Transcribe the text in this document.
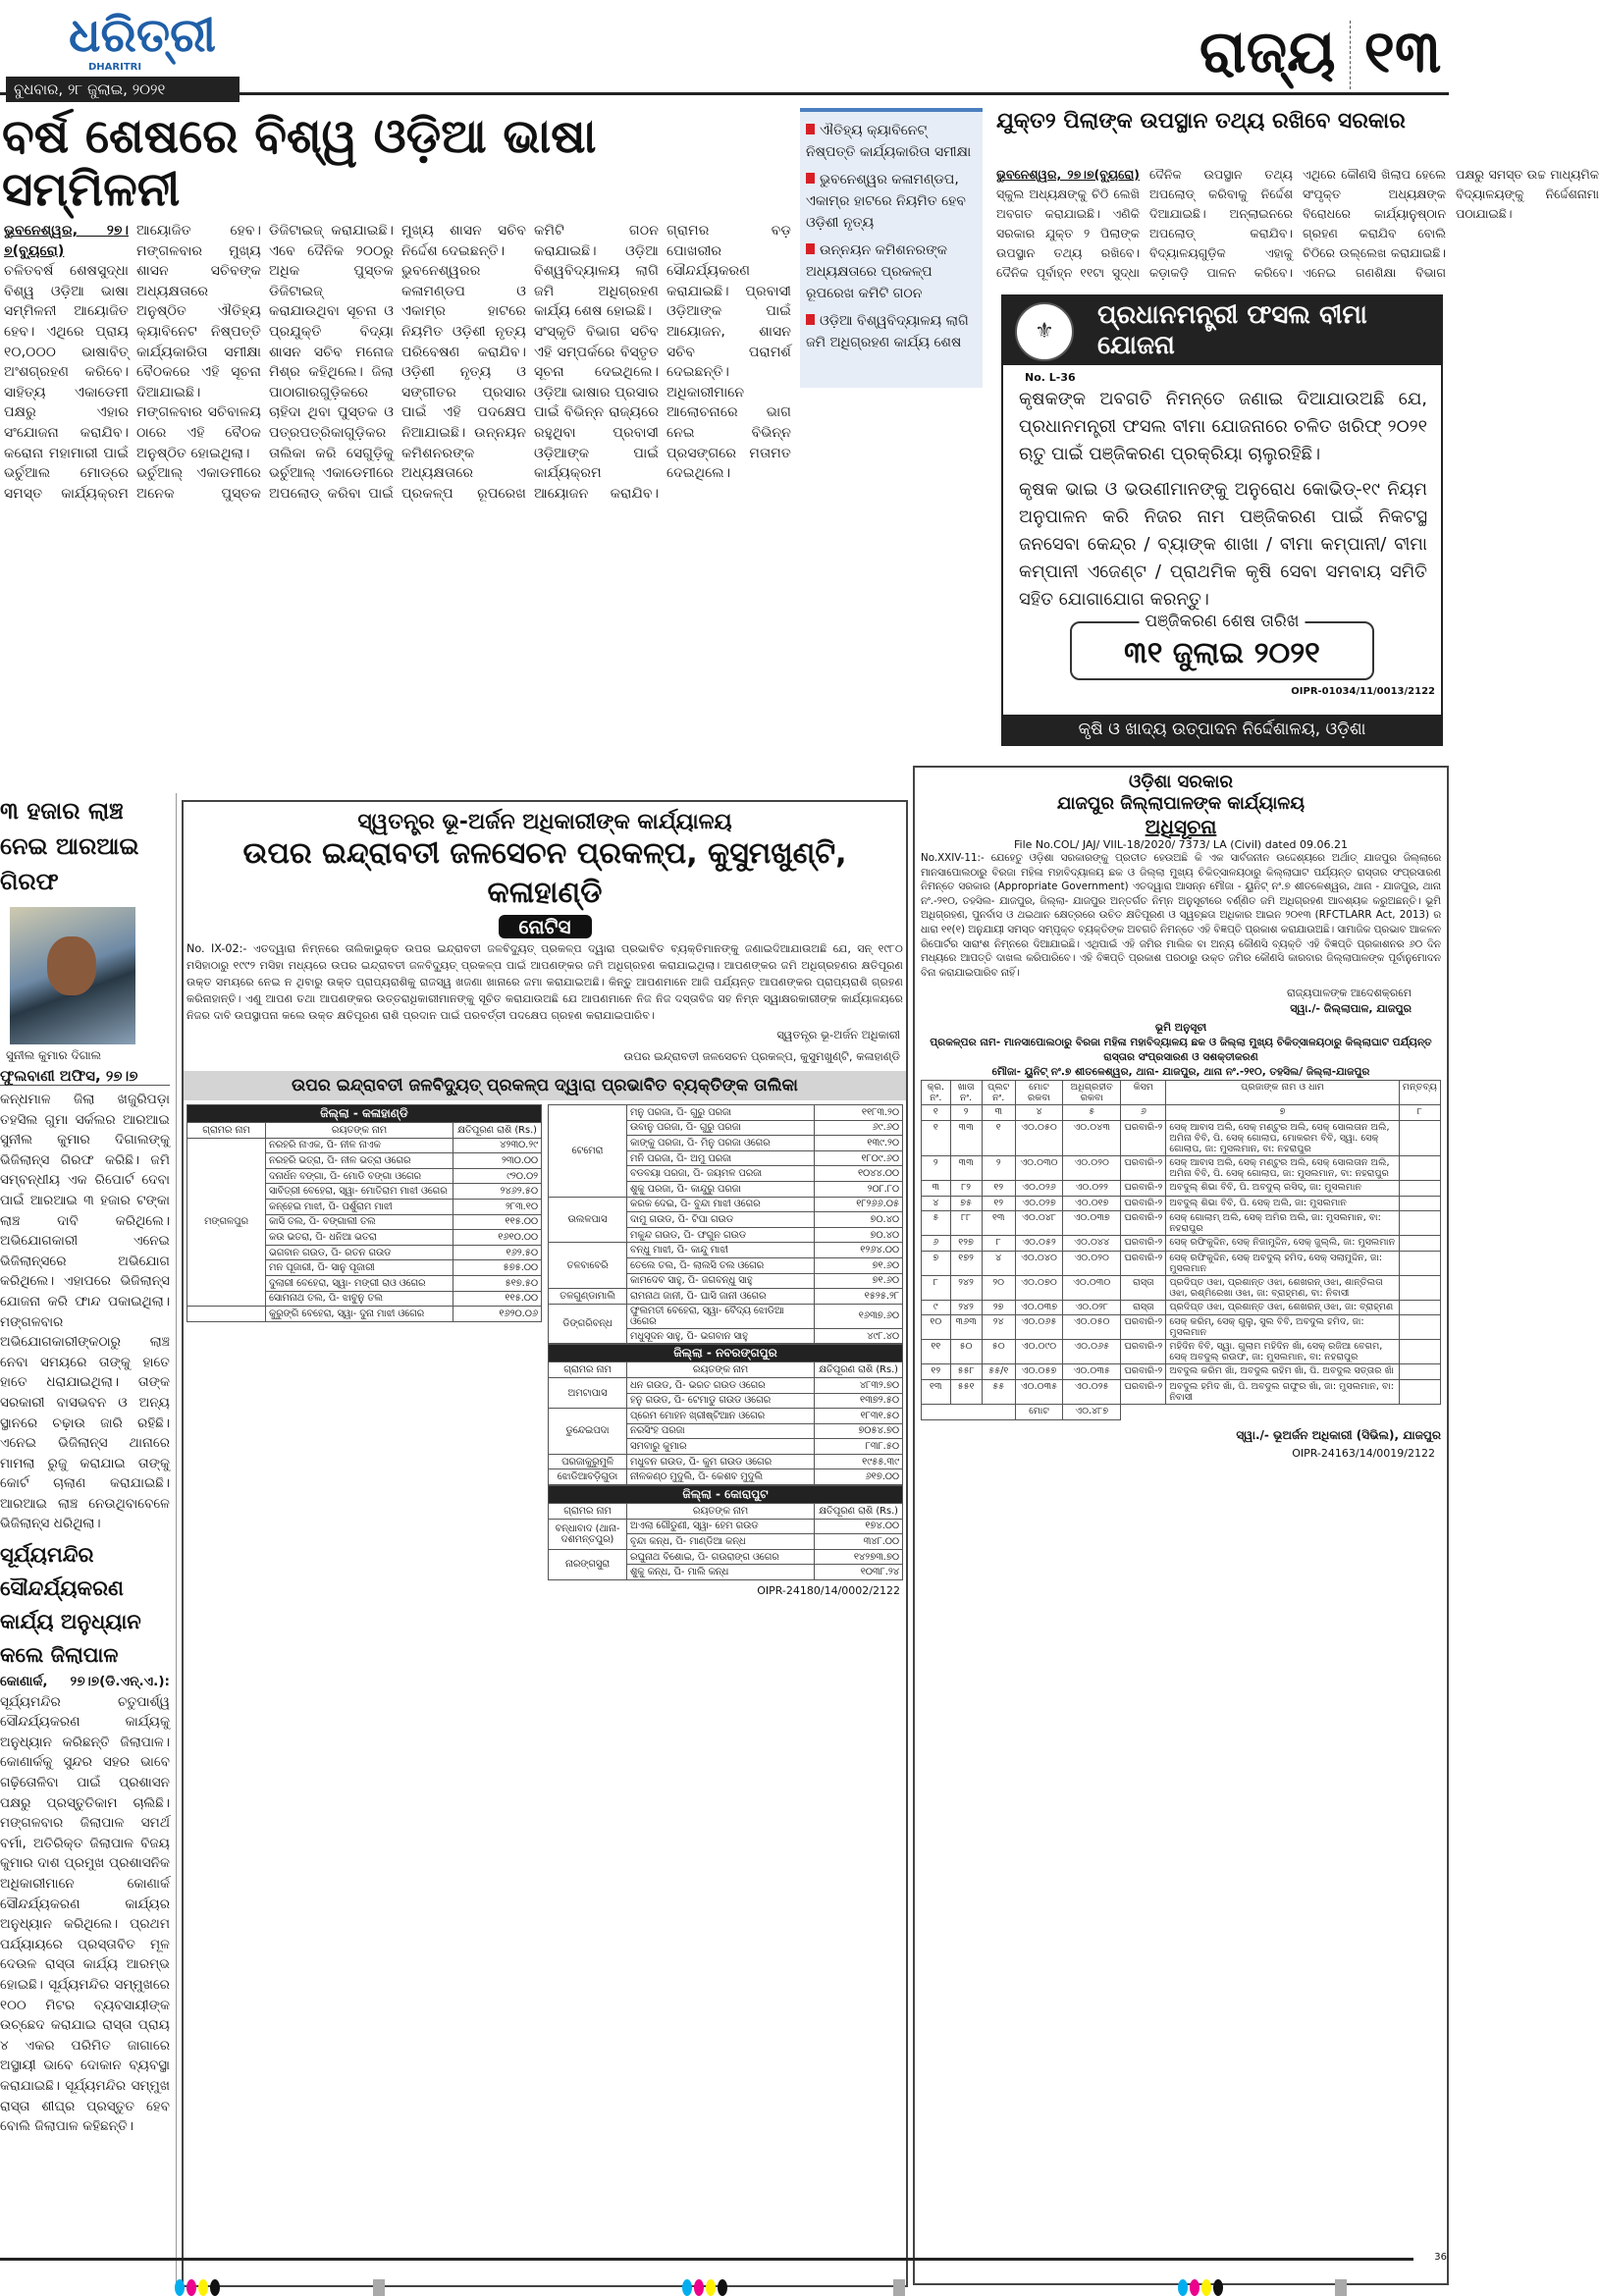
ଧରିତ୍ରୀ
DHARITRI
ବୁଧବାର, ୨୮ ଜୁଲାଇ, ୨୦୨୧
ରାଜ୍ୟ ୧୩
ବର୍ଷ ଶେଷରେ ବିଶ୍ୱ ଓଡ଼ିଆ ଭାଷା ସମ୍ମିଳନୀ
ଐତିହ୍ୟ କ୍ୟାବିନେଟ୍ ନିଷ୍ପତ୍ତି କାର୍ଯ୍ୟକାରିତା ସମୀକ୍ଷା
ଭୁବନେଶ୍ୱର କଳାମଣ୍ଡପ, ଏକାମ୍ର ହାଟରେ ନିୟମିତ ହେବ ଓଡ଼ିଶୀ ନୃତ୍ୟ
ଉନ୍ନୟନ କମିଶନରଙ୍କ ଅଧ୍ୟକ୍ଷତାରେ ପ୍ରକଳ୍ପ ରୂପରେଖ କମିଟି ଗଠନ
ଓଡ଼ିଆ ବିଶ୍ୱବିଦ୍ୟାଳୟ ଲାଗି ଜମି ଅଧିଗ୍ରହଣ କାର୍ଯ୍ୟ ଶେଷ
ଭୁବନେଶ୍ୱର, ୨୭।୭(ବ୍ୟୁରୋ)

ଚଳିତବର୍ଷ ଶେଷସୁଦ୍ଧା ବିଶ୍ୱ ଓଡ଼ିଆ ଭାଷା ସମ୍ମିଳନୀ ଆୟୋଜିତ ହେବ। ଏଥିରେ ପ୍ରାୟ ୧୦,୦୦୦ ଭାଷାବିତ୍ ଅଂଶଗ୍ରହଣ କରିବେ। ସାହିତ୍ୟ ଏକାଡେମୀ ପକ୍ଷରୁ ଏହାର ସଂଯୋଜନା କରାଯିବ। କରୋନା ମହାମାରୀ ପାଇଁ ଭର୍ଚୁଆଲ ମୋଡ୍‌ରେ ସମସ୍ତ କାର୍ଯ୍ୟକ୍ରମ ଆୟୋଜିତ ହେବ। ମଙ୍ଗଳବାର ମୁଖ୍ୟ ଶାସନ ସଚିବଙ୍କ ଅଧ୍ୟକ୍ଷତାରେ ଅନୁଷ୍ଠିତ ଐତିହ୍ୟ କ୍ୟାବିନେଟ ନିଷ୍ପତ୍ତି କାର୍ଯ୍ୟକାରିତା ସମୀକ୍ଷା ବୈଠକରେ ଏହି ସୂଚନା ଦିଆଯାଇଛି। ମଙ୍ଗଳବାର ସଚିବାଳୟ ଠାରେ ଏହି ବୈଠକ ଅନୁଷ୍ଠିତ ହୋଇଥିଲା।

ଭର୍ଚୁଆଲ୍ ଏକାଡମୀରେ ଅନେକ ପୁସ୍ତକ ଡିଜିଟାଇଜ୍ କରାଯାଇଛି। ଏବେ ଦୈନିକ ୨୦୦ରୁ ଅଧିକ ପୁସ୍ତକ ଡିଜିଟାଇଜ୍ କରାଯାଉଥିବା ସୂଚନା ଓ ପ୍ରଯୁକ୍ତି ବିଦ୍ୟା ଶାସନ ସଚିବ ମନୋଜ ମିଶ୍ର କହିଥିଲେ। ଜିଲା ପାଠାଗାରଗୁଡ଼ିକରେ ଚାହିଦା ଥିବା ପୁସ୍ତକ ଓ ପତ୍ରପତ୍ରିକାଗୁଡ଼ିକର ତାଲିକା କରି ସେଗୁଡ଼ିକୁ ଭର୍ଚୁଆଲ୍ ଏକାଡେମୀରେ ଅପଲୋଡ୍ କରିବା ପାଇଁ ମୁଖ୍ୟ ଶାସନ ସଚିବ ନିର୍ଦ୍ଦେଶ ଦେଇଛନ୍ତି।

ଭୁବନେଶ୍ୱରର କଳାମଣ୍ଡପ ଓ ଏକାମ୍ର ହାଟରେ ନିୟମିତ ଓଡ଼ିଶୀ ନୃତ୍ୟ ପରିବେଷଣ କରାଯିବ। ଓଡ଼ିଶୀ ନୃତ୍ୟ ଓ ସଙ୍ଗୀତର ପ୍ରସାର ପାଇଁ ଏହି ପଦକ୍ଷେପ ନିଆଯାଇଛି। ଉନ୍ନୟନ କମିଶନରଙ୍କ ଅଧ୍ୟକ୍ଷତାରେ ପ୍ରକଳ୍ପ ରୂପରେଖ କମିଟି ଗଠନ କରାଯାଇଛି। ଓଡ଼ିଆ ବିଶ୍ୱବିଦ୍ୟାଳୟ ଲାଗି ଜମି ଅଧିଗ୍ରହଣ କାର୍ଯ୍ୟ ଶେଷ ହୋଇଛି।

ସଂସ୍କୃତି ବିଭାଗ ସଚିବ ଏହି ସମ୍ପର୍କରେ ବିସ୍ତୃତ ସୂଚନା ଦେଇଥିଲେ। ଓଡ଼ିଆ ଭାଷାର ପ୍ରସାର ପାଇଁ ବିଭିନ୍ନ ରାଜ୍ୟରେ ରହୁଥିବା ପ୍ରବାସୀ ଓଡ଼ିଆଙ୍କ ପାଇଁ କାର୍ଯ୍ୟକ୍ରମ ଆୟୋଜନ କରାଯିବ। ଗ୍ରାମର ବଡ଼ ପୋଖରୀର ସୌନ୍ଦର୍ଯ୍ୟକରଣ କରାଯାଇଛି। ପ୍ରବାସୀ ଓଡ଼ିଆଙ୍କ ପାଇଁ ଆୟୋଜନ, ଶାସନ ସଚିବ ପରାମର୍ଶ ଦେଇଛନ୍ତି। ଅଧିକାରୀମାନେ ଆଲୋଚନାରେ ଭାଗ ନେଇ ବିଭିନ୍ନ ପ୍ରସଙ୍ଗରେ ମତାମତ ଦେଇଥିଲେ।

ଯୁକ୍ତ୨ ପିଲାଙ୍କ ଉପସ୍ଥାନ ତଥ୍ୟ ରଖିବେ ସରକାର
ଭୁବନେଶ୍ୱର, ୨୭।୭(ବ୍ୟୁରୋ) ସ୍କୁଲ ଅଧ୍ୟକ୍ଷଙ୍କୁ ଚିଠି ଲେଖି ଅବଗତ କରାଯାଇଛି। ଏଣିକି ସରକାର ଯୁକ୍ତ ୨ ପିଲାଙ୍କ ଉପସ୍ଥାନ ତଥ୍ୟ ରଖିବେ। ଦୈନିକ ପୂର୍ବାହ୍ନ ୧୧ଟା ସୁଦ୍ଧା ଦୈନିକ ଉପସ୍ଥାନ ତଥ୍ୟ ଅପଲୋଡ୍ କରିବାକୁ ନିର୍ଦ୍ଦେଶ ଦିଆଯାଇଛି। ଅନ୍‌ଲାଇନରେ ଅପଲୋଡ୍ କରାଯିବ। ବିଦ୍ୟାଳୟଗୁଡ଼ିକ ଏହାକୁ କଡ଼ାକଡ଼ି ପାଳନ କରିବେ। ଏଥିରେ କୌଣସି ଖିଲାପ ହେଲେ ସଂପୃକ୍ତ ଅଧ୍ୟକ୍ଷଙ୍କ ବିରୋଧରେ କାର୍ଯ୍ୟାନୁଷ୍ଠାନ ଗ୍ରହଣ କରାଯିବ ବୋଲି ଚିଠିରେ ଉଲ୍ଲେଖ କରାଯାଇଛି। ଏନେଇ ଗଣଶିକ୍ଷା ବିଭାଗ ପକ୍ଷରୁ ସମସ୍ତ ଉଚ୍ଚ ମାଧ୍ୟମିକ ବିଦ୍ୟାଳୟଙ୍କୁ ନିର୍ଦ୍ଦେଶନାମା ପଠାଯାଇଛି।
⚜
ପ୍ରଧାନମନ୍ତ୍ରୀ ଫସଲ ବୀମା ଯୋଜନା
No. L-36

କୃଷକଙ୍କ ଅବଗତି ନିମନ୍ତେ ଜଣାଇ ଦିଆଯାଉଅଛି ଯେ, ପ୍ରଧାନମନ୍ତ୍ରୀ ଫସଲ ବୀମା ଯୋଜନାରେ ଚଳିତ ଖରିଫ୍ ୨୦୨୧ ଋତୁ ପାଇଁ ପଞ୍ଜିକରଣ ପ୍ରକ୍ରିୟା ଚାଲୁରହିଛି।

କୃଷକ ଭାଇ ଓ ଭଉଣୀମାନଙ୍କୁ ଅନୁରୋଧ କୋଭିଡ୍-୧୯ ନିୟମ ଅନୁପାଳନ କରି ନିଜର ନାମ ପଞ୍ଜିକରଣ ପାଇଁ ନିକଟସ୍ଥ ଜନସେବା କେନ୍ଦ୍ର / ବ୍ୟାଙ୍କ ଶାଖା / ବୀମା କମ୍ପାନୀ/ ବୀମା କମ୍ପାନୀ ଏଜେଣ୍ଟ / ପ୍ରାଥମିକ କୃଷି ସେବା ସମବାୟ ସମିତି ସହିତ ଯୋଗାଯୋଗ କରନ୍ତୁ।

ପଞ୍ଜିକରଣ ଶେଷ ତାରିଖ
୩୧ ଜୁଲାଇ ୨୦୨୧
OIPR-01034/11/0013/2122
କୃଷି ଓ ଖାଦ୍ୟ ଉତ୍ପାଦନ ନିର୍ଦ୍ଦେଶାଳୟ, ଓଡ଼ିଶା
୩ ହଜାର ଲାଞ୍ଚ ନେଇ ଆରଆଇ ଗିରଫ
ସୁନୀଲ କୁମାର ଦିଗାଲ
ଫୁଲବାଣୀ ଅଫିସ, ୨୭।୭
କନ୍ଧମାଳ ଜିଲା ଖଜୁରିପଡ଼ା ତହସିଲ ଗୁମା ସର୍କଲର ଆରଆଇ ସୁନୀଲ କୁମାର ଦିଗାଲଙ୍କୁ ଭିଜିଲାନ୍ସ ଗିରଫ କରିଛି। ଜମି ସମ୍ବନ୍ଧୀୟ ଏକ ରିପୋର୍ଟ ଦେବା ପାଇଁ ଆରଆଇ ୩ ହଜାର ଟଙ୍କା ଲାଞ୍ଚ ଦାବି କରିଥିଲେ। ଅଭିଯୋଗକାରୀ ଏନେଇ ଭିଜିଲାନ୍ସରେ ଅଭିଯୋଗ କରିଥିଲେ। ଏହାପରେ ଭିଜିଲାନ୍ସ ଯୋଜନା କରି ଫାନ୍ଦ ପକାଇଥିଲା। ମଙ୍ଗଳବାର ଅଭିଯୋଗକାରୀଙ୍କଠାରୁ ଲାଞ୍ଚ ନେବା ସମୟରେ ତାଙ୍କୁ ହାତେ ହାତେ ଧରାଯାଇଥିଲା। ତାଙ୍କ ସରକାରୀ ବାସଭବନ ଓ ଅନ୍ୟ ସ୍ଥାନରେ ଚଢ଼ାଉ ଜାରି ରହିଛି। ଏନେଇ ଭିଜିଲାନ୍ସ ଥାନାରେ ମାମଲା ରୁଜୁ କରାଯାଇ ତାଙ୍କୁ କୋର୍ଟ ଚାଲାଣ କରାଯାଇଛି। ଆରଆଇ ଲାଞ୍ଚ ନେଉଥିବାବେଳେ ଭିଜିଲାନ୍ସ ଧରିଥିଲା।
ସୂର୍ଯ୍ୟମନ୍ଦିର ସୌନ୍ଦର୍ଯ୍ୟକରଣ କାର୍ଯ୍ୟ ଅନୁଧ୍ୟାନ କଲେ ଜିଲାପାଳ
କୋଣାର୍କ, ୨୭।୭(ଡି.ଏନ୍.ଏ.): ସୂର୍ଯ୍ୟମନ୍ଦିର ଚତୁପାର୍ଶ୍ୱ ସୌନ୍ଦର୍ଯ୍ୟକରଣ କାର୍ଯ୍ୟକୁ ଅନୁଧ୍ୟାନ କରିଛନ୍ତି ଜିଲାପାଳ। କୋଣାର୍କକୁ ସୁନ୍ଦର ସହର ଭାବେ ଗଢ଼ିତୋଳିବା ପାଇଁ ପ୍ରଶାସନ ପକ୍ଷରୁ ପ୍ରସ୍ତୁତିକାମ ଚାଲିଛି। ମଙ୍ଗଳବାର ଜିଲାପାଳ ସମର୍ଥ ବର୍ମା, ଅତିରିକ୍ତ ଜିଲାପାଳ ବିଜୟ କୁମାର ଦାଶ ପ୍ରମୁଖ ପ୍ରଶାସନିକ ଅଧିକାରୀମାନେ କୋଣାର୍କ ସୌନ୍ଦର୍ଯ୍ୟକରଣ କାର୍ଯ୍ୟର ଅନୁଧ୍ୟାନ କରିଥିଲେ। ପ୍ରଥମ ପର୍ଯ୍ୟାୟରେ ପ୍ରସ୍ତାବିତ ମୂଳ ଦେଉଳ ରାସ୍ତା କାର୍ଯ୍ୟ ଆରମ୍ଭ ହୋଇଛି। ସୂର୍ଯ୍ୟମନ୍ଦିର ସମ୍ମୁଖରେ ୧୦୦ ମିଟର ବ୍ୟବସାୟୀଙ୍କ ଉଚ୍ଛେଦ କରାଯାଇ ରାସ୍ତା ପ୍ରାୟ ୪ ଏକର ପରିମିତ ଜାଗାରେ ଅସ୍ଥାୟୀ ଭାବେ ଦୋକାନ ବ୍ୟବସ୍ଥା କରାଯାଇଛି। ସୂର୍ଯ୍ୟମନ୍ଦିର ସମ୍ମୁଖ ରାସ୍ତା ଶୀଘ୍ର ପ୍ରସ୍ତୁତ ହେବ ବୋଲି ଜିଲାପାଳ କହିଛନ୍ତି।
ସ୍ୱତନ୍ତ୍ର ଭୂ-ଅର୍ଜନ ଅଧିକାରୀଙ୍କ କାର୍ଯ୍ୟାଳୟ
ଉପର ଇନ୍ଦ୍ରାବତୀ ଜଳସେଚନ ପ୍ରକଳ୍ପ, କୁସୁମଖୁଣ୍ଟି, କଳାହାଣ୍ଡି
ନୋଟିସ
No. IX-02:- ଏତଦ୍ୱାରା ନିମ୍ନରେ ତାଲିକାଭୁକ୍ତ ଉପର ଇନ୍ଦ୍ରାବତୀ ଜଳବିଦ୍ୟୁତ୍ ପ୍ରକଳ୍ପ ଦ୍ୱାରା ପ୍ରଭାବିତ ବ୍ୟକ୍ତିମାନଙ୍କୁ ଜଣାଇଦିଆଯାଉଅଛି ଯେ, ସନ୍ ୧୯୮୦ ମସିହାଠାରୁ ୧୯୯୨ ମସିହା ମଧ୍ୟରେ ଉପର ଇନ୍ଦ୍ରାବତୀ ଜଳବିଦ୍ୟୁତ୍ ପ୍ରକଳ୍ପ ପାଇଁ ଆପଣଙ୍କର ଜମି ଅଧିଗ୍ରହଣ କରାଯାଇଥିଲା। ଆପଣଙ୍କର ଜମି ଅଧିଗ୍ରହଣର କ୍ଷତିପୂରଣ ଉକ୍ତ ସମୟରେ ନେଇ ନ ଥିବାରୁ ଉକ୍ତ ପ୍ରାପ୍ୟରାଶିକୁ ରାଜସ୍ୱ ଖଜଣା ଖାନାରେ ଜମା କରାଯାଇଅଛି। କିନ୍ତୁ ଆପଣମାନେ ଆଜି ପର୍ଯ୍ୟନ୍ତ ଆପଣଙ୍କର ପ୍ରାପ୍ୟରାଶି ଗ୍ରହଣ କରିନାହାନ୍ତି। ଏଣୁ ଆପଣ ତଥା ଆପଣଙ୍କର ଉତ୍ତରାଧିକାରୀମାନଙ୍କୁ ସୂଚିତ କରାଯାଉଅଛି ଯେ ଆପଣମାନେ ନିଜ ନିଜ ଦସ୍ତାବିଜ ସହ ନିମ୍ନ ସ୍ୱାକ୍ଷରକାରୀଙ୍କ କାର୍ଯ୍ୟାଳୟରେ ନିଜର ଦାବି ଉପସ୍ଥାପନା କଲେ ଉକ୍ତ କ୍ଷତିପୂରଣ ରାଶି ପ୍ରଦାନ ପାଇଁ ପରବର୍ତ୍ତୀ ପଦକ୍ଷେପ ଗ୍ରହଣ କରାଯାଇପାରିବ।
ସ୍ୱତନ୍ତ୍ର ଭୂ-ଅର୍ଜନ ଅଧିକାରୀ
ଉପର ଇନ୍ଦ୍ରାବତୀ ଜଳସେଚନ ପ୍ରକଳ୍ପ, କୁସୁମଖୁଣ୍ଟି, କଳାହାଣ୍ଡି
ଉପର ଇନ୍ଦ୍ରାବତୀ ଜଳବିଦ୍ୟୁତ୍ ପ୍ରକଳ୍ପ ଦ୍ୱାରା ପ୍ରଭାବିତ ବ୍ୟକ୍ତିଙ୍କ ତାଲିକା
ଜିଲ୍ଲା - କଳାହାଣ୍ଡି		
ଗ୍ରାମର ନାମ	ରୟତଙ୍କ ନାମ	କ୍ଷତିପୂରଣ ରାଶି (Rs.)
ମଙ୍ଗଳପୁର	ନରହରି ନାଏକ, ପି- ନୀଳ ନାଏକ	୪୨୩୦.୨୯
	ନରହରି ଭତ୍ରା, ପି- ନୀଳ ଭତ୍ରା ଓଗେର	୨୩୦.୦୦
	ଦନାର୍ଧନ ବଙ୍ଗା, ପି- ମୋଡି ବଙ୍ଗା ଓଗେର	୯୨୦.୦୨
	ସାବିତ୍ରୀ ବେହେରା, ସ୍ୱା- ମୋତିରାମ ମାଝୀ ଓଗେର	୨୪୬୨.୫୦
	କନ୍ହେଇ ମାଝୀ, ପି- ପର୍ଶୁରାମ ମାଝୀ	୨୮୩.୧୦
	କାସି ତଲ, ପି- ବଙ୍ଗାଲୀ ତଲ	୧୧୫.୦୦
	କଉ ଭତରା, ପି- ଧନିଆ ଭତରା	୧୬୧୦.୦୦
	ଭଗବାନ ଗଉଡ, ପି- ରତନ ଗଉଡ	୧୬୨.୫୦
	ମନ ପୂଜାରୀ, ପି- ସାନୁ ପୂଜାରୀ	୫୭୫.୦୦
	ଦୁଲାରୀ ବେହେରା, ସ୍ୱା- ମଙ୍ଗୀ ରାଓ ଓଗେର	୫୧୭.୫୦
	ସୋମନାଥ ତଲ, ପି- ଝାବୁନୁ ତଲ	୧୧୫.୦୦
	କୁରୁଙ୍ଗି ବେହେରା, ସ୍ୱା- ଦୁନା ମାଝୀ ଓଗେର	୧୬୨୦.୦୬
ଟେମେରା	ମନୁ ପରଜା, ପି- ଗୁରୁ ପରଜା	୧୧୮୩.୨୦
	ଉବାନୁ ପରଜା, ପି- ଗୁରୁ ପରଜା	୬୯.୬୦
	କାଙ୍କୁ ପରଜା, ପି- ମିନୁ ପରଜା ଓଗେର	୧୩୯.୨୦
	ମନି ପରଜା, ପି- ଅମୁ ପରଜା	୧୮୦୯.୬୦
	ବଡବୟା ପରଜା, ପି- ଜୟମଳ ପରଜା	୧୦୪୪.୦୦
	ଶୁକୁ ପରଜା, ପି- କାନ୍ଦୁରୁ ପରଜା	୨୦୮.୮୦
ଉଲଳପାସ	କରକ ଦେଇ, ପି- ବୁନ୍ଦା ମାଝୀ ଓଗେର	୧୮୨୬୬.୦୫
	ଦାମୁ ଗଉଡ, ପି- ଟିପା ଗଉଡ	୭୦.୪୦
	ମକୁନ୍ଦ ଗଉଡ, ପି- ଫଗୁନ ଗଉଡ	୭୦.୪୦
ତଳବାବେରି	ବନ୍ଧୁ ମାଝୀ, ପି- କାନ୍ଦୁ ମାଝୀ	୧୨୬୪.୦୦
	ତେଲେ ତଲ, ପି- ଲାଲସି ତଲ ଓଗେର	୭୧.୬୦
	କାମଦେବ ସାହୁ, ପି- ଜଗବନ୍ଧୁ ସାହୁ	୭୧.୬୦
ତଳଗୁଣ୍ଡାମାଲି	ରାମନାଥ ଜାନୀ, ପି- ଘାସି ଜାନୀ ଓଗେର	୧୫୨୫.୨୮
ଡିଙ୍ଗରିବନ୍ଧ	ଫୁଲମତୀ ବେହେରା, ସ୍ୱା- ବୈଦ୍ୟ ଝୋଡିଆ ଓଗେର	୧୬୩୭.୬୦
	ମଧୁସୂଦନ ସାହୁ, ପି- ଭଗବାନ ସାହୁ	୪୯୮.୪୦
ଜିଲ୍ଲା - ନବରଙ୍ଗପୁର		
ଗ୍ରାମର ନାମ	ରୟତଙ୍କ ନାମ	କ୍ଷତିପୂରଣ ରାଶି (Rs.)
ଅମଟାପାସ	ଧନ ଗଉଡ, ପି- ଭରତ ଗଉଡ ଓଗେର	୪୮୩୨.୭୦
	ହନୁ ଗଉଡ, ପି- ଟେମାଡୁ ଗଉଡ ଓଗେର	୧୩୭୨.୫୦
ଡୁନ୍ଦେଇପଦା	ପ୍ରେମ ମୋହନ ଖ୍ରୀଷ୍ଟିଆନ ଓଗେର	୧୮୩୧.୫୦
	ନରସିଂହ ପରଜା	୭୦୫୪.୭୦
	ସମବାରୁ କୁମାର	୮୩୮.୫୦
ପରଜାକୁରୁମୁଳି	ମଧୁବନ ଗଉଡ, ପି- କୁମ ଗଉଡ ଓଗେର	୧୯୫୫.୩୯
ଝୋଡିଆବଡ଼ିଗୁଡା	ନୀଳକଣ୍ଠ ମୁଦୁଲି, ପି- କେଶବ ମୁଦୁଲି	୬୧୭.୦୦
ଜିଲ୍ଲା - କୋରାପୁଟ		
ଗ୍ରାମର ନାମ	ରୟତଙ୍କ ନାମ	କ୍ଷତିପୂରଣ ରାଶି (Rs.)
ବନ୍ଧାବାଦ (ଥାନା- ଦଶମନ୍ତପୁର)	ଅଏଲା ଗୌଡୁଣୀ, ସ୍ୱା- ହେମ ଗଉଡ	୧୭୪.୦୦
	ବୃନ୍ଦା କନ୍ଧ, ପି- ମାଣ୍ଡିଆ କନ୍ଧ	୩୪୮.୦୦
ନାରଙ୍ଗସୁରା	ରଘୁନାଥ ବିଶୋଇ, ପି- ଗଉରାଙ୍ଗ ଓଗେର	୧୪୨୭୩.୭୦
	ଶୁକୁ କନ୍ଧ, ପି- ମାଲି କନ୍ଧ	୧୦୩୮.୨୪
OIPR-24180/14/0002/2122
ଓଡ଼ିଶା ସରକାର
ଯାଜପୁର ଜିଲ୍ଲାପାଳଙ୍କ କାର୍ଯ୍ୟାଳୟ
ଅଧିସୂଚନା
File No.COL/ JAJ/ VIIL-18/2020/ 7373/ LA (Civil) dated 09.06.21
No.XXIV-11:- ଯେହେତୁ ଓଡ଼ିଶା ସରକାରଙ୍କୁ ପ୍ରତୀତ ହେଉଅଛି କି ଏକ ସାର୍ବଜନୀନ ଉଦ୍ଦେଶ୍ୟରେ ଅର୍ଥାତ୍ ଯାଜପୁର ଜିଲ୍ଲାରେ ମାନସାପୋଲଠାରୁ ବିରଜା ମହିଳା ମହାବିଦ୍ୟାଳୟ ଛକ ଓ ଜିଲ୍ଲା ମୁଖ୍ୟ ଚିକିତ୍ସାଳୟଠାରୁ କିଲ୍ଲାଘାଟ ପର୍ଯ୍ୟନ୍ତ ରାସ୍ତାର ସଂପ୍ରସାରଣ ନିମନ୍ତେ ସରକାର (Appropriate Government) ଏତଦ୍ୱାରା ଆସନ୍ନ ମୌଜା - ୟୁନିଟ୍ ନଂ.୭ ଶୀତଳେଶ୍ୱର, ଥାନା - ଯାଜପୁର, ଥାନା ନଂ.-୨୧୦, ତହସିଲ- ଯାଜପୁର, ଜିଲ୍ଲା- ଯାଜପୁର ଅନ୍ତର୍ଗତ ନିମ୍ନ ଅନୁସୂଚୀରେ ବର୍ଣ୍ଣିତ ଜମି ଅଧିଗ୍ରହଣ ଆବଶ୍ୟକ କରୁଅଛନ୍ତି। ଭୂମି ଅଧିଗ୍ରହଣ, ପୁନର୍ବାସ ଓ ଥଇଥାନ କ୍ଷେତ୍ରରେ ଉଚିତ କ୍ଷତିପୂରଣ ଓ ସ୍ୱଚ୍ଛତା ଅଧିକାର ଆଇନ ୨୦୧୩ (RFCTLARR Act, 2013) ର ଧାରା ୧୧(୧) ଅନୁଯାୟୀ ସମସ୍ତ ସମ୍ପୃକ୍ତ ବ୍ୟକ୍ତିଙ୍କ ଅବଗତି ନିମନ୍ତେ ଏହି ବିଜ୍ଞପ୍ତି ପ୍ରକାଶ କରାଯାଉଅଛି। ସାମାଜିକ ପ୍ରଭାବ ଆକଳନ ରିପୋର୍ଟର ସାରାଂଶ ନିମ୍ନରେ ଦିଆଯାଇଛି। ଏଥିପାଇଁ ଏହି ଜମିର ମାଲିକ ବା ଅନ୍ୟ କୌଣସି ବ୍ୟକ୍ତି ଏହି ବିଜ୍ଞପ୍ତି ପ୍ରକାଶନର ୬୦ ଦିନ ମଧ୍ୟରେ ଆପତ୍ତି ଦାଖଲ କରିପାରିବେ। ଏହି ବିଜ୍ଞପ୍ତି ପ୍ରକାଶ ପରଠାରୁ ଉକ୍ତ ଜମିର କୌଣସି କାରବାର ଜିଲ୍ଲାପାଳଙ୍କ ପୂର୍ବାନୁମୋଦନ ବିନା କରାଯାଇପାରିବ ନାହିଁ।
ରାଜ୍ୟପାଳଙ୍କ ଆଦେଶକ୍ରମେ
ସ୍ୱା./- ଜିଲ୍ଲାପାଳ, ଯାଜପୁର
ଭୂମି ଅନୁସୂଚୀ
ପ୍ରକଳ୍ପର ନାମ- ମାନସାପୋଲଠାରୁ ବିରଜା ମହିଳା ମହାବିଦ୍ୟାଳୟ ଛକ ଓ ଜିଲ୍ଲା ମୁଖ୍ୟ ଚିକିତ୍ସାଳୟଠାରୁ କିଲ୍ଲାଘାଟ ପର୍ଯ୍ୟନ୍ତ ରାସ୍ତାର ସଂପ୍ରସାରଣ ଓ ସଶକ୍ତୀକରଣ
ମୌଜା- ୟୁନିଟ୍ ନଂ.୭ ଶୀତଳେଶ୍ୱର, ଥାନା- ଯାଜପୁର, ଥାନା ନଂ.-୨୧୦, ତହସିଲ/ ଜିଲ୍ଲା-ଯାଜପୁର
କ୍ର. ନଂ.	ଖାତା ନଂ.	ପ୍ଲଟ ନଂ.	ମୋଟ ରକବା	ଅଧିଗ୍ରହୀତ ରକବା	କିସମ	ପ୍ରଜାଙ୍କ ନାମ ଓ ଧାମ	ମନ୍ତବ୍ୟ
୧	୨	୩	୪	୫	୬	୭	୮
୧	୩୩	୧	ଏ୦.୦୫୦	ଏ୦.୦୪୩	ଘରବାରି-୨	ସେକ୍ ଆବାସ ଅଲି, ସେକ୍ ମଣ୍ଟୁର ଅଲି, ସେକ୍ ସୋଲତାନ ଅଲି, ଅମିନା ବିବି, ପି. ସେକ୍ ଗୋଲାପ, ମୋକରମ ବିବି, ସ୍ୱା. ସେକ୍ ଗୋଲାପ, ଜା: ମୁସଲମାନ, ବା: ନହରାପୁର	
୨	୩୩	୨	ଏ୦.୦୩୦	ଏ୦.୦୨୦	ଘରବାରି-୨	ସେକ୍ ଆବାସ ଅଲି, ସେକ୍ ମଣ୍ଟୁର ଅଲି, ସେକ୍ ସୋଲତାନ ଅଲି, ଅମିନା ବିବି, ପି. ସେକ୍ ଗୋଲାପ, ଜା: ମୁସଲମାନ, ବା: ନହରାପୁର	
୩	୮୨	୧୨	ଏ୦.୦୨୬	ଏ୦.୦୨୨	ଘରବାରି-୨	ଅବଦୁଲ୍ ଶିଭା ବିବି, ପି. ଅବଦୁଲ୍ ରସିଦ୍, ଜା: ମୁସଲମାନ	
୪	୭୫	୧୨	ଏ୦.୦୨୭	ଏ୦.୦୧୭	ଘରବାରି-୨	ଅବଦୁଲ୍ ଶିଭା ବିବି, ପି. ସେକ୍ ଅଲି, ଜା: ମୁସଲମାନ	
୫	୮୮	୧୩	ଏ୦.୦୪୮	ଏ୦.୦୩୭	ଘରବାରି-୨	ସେକ୍ ଗୋଲାମ୍ ଅଲି, ସେକ୍ ଅମିର ଅଲି, ଜା: ମୁସଲମାନ, ବା: ନହରାପୁର	
୬	୧୨୭	୮	ଏ୦.୦୫୨	ଏ୦.୦୪୪	ଘରବାରି-୨	ସେକ୍ ରଫିକୁଦ୍ଦିନ, ସେକ୍ ନିଜାମୁଦ୍ଦିନ, ସେକ୍ ଜୁଲ୍ଲି, ଜା: ମୁସଲମାନ	
୭	୧୭୨	୪	ଏ୦.୦୪୦	ଏ୦.୦୨୦	ଘରବାରି-୨	ସେକ୍ ରଫିକୁଦ୍ଦିନ, ସେକ୍ ଅବଦୁଲ୍ ହମିଦ, ସେକ୍ ସଲାମୁଦ୍ଦିନ, ଜା: ମୁସଲମାନ	
୮	୨୪୨	୨୦	ଏ୦.୦୭୦	ଏ୦.୦୩୦	ରାସ୍ତା	ପ୍ରଦିପ୍ତ ଓଝା, ପ୍ରଶାନ୍ତ ଓଝା, ଶେଖରନ୍ ଓଝା, ଶାନ୍ତିଲତା ଓଝା, ରଶ୍ମିରେଖା ଓଝା, ଜା: ବ୍ରାହ୍ମଣ, ବା: ନିବାସୀ	
୯	୨୪୨	୨୭	ଏ୦.୦୩୭	ଏ୦.୦୨୮	ରାସ୍ତା	ପ୍ରଦିପ୍ତ ଓଝା, ପ୍ରଶାନ୍ତ ଓଝା, ଶେଖରନ୍ ଓଝା, ଜା: ବ୍ରାହ୍ମଣ	
୧୦	୩୬୩	୨୪	ଏ୦.୦୬୫	ଏ୦.୦୫୦	ଘରବାରି-୨	ସେକ୍ କରିମ୍, ସେକ୍ ଗୁଲୁ, ସୁଲ ବିବି, ଅବଦୁଲ ହମିଦ, ଜା: ମୁସଲମାନ	
୧୧	୫୦	୫୦	ଏ୦.୦୯୦	ଏ୦.୦୬୫	ଘରବାରି-୨	ମହିଦିନ ବିବି, ସ୍ୱା. ଗୁଲାମ ମହିଦିନ ଖାଁ, ସେକ୍ ରଜିଆ ବେଗମ, ସେକ୍ ଅବଦୁଲ୍ ରଉଫ, ଜା: ମୁସଲମାନ, ବା: ନହରାପୁର	
୧୨	୫୫୮	୫୫/୧	ଏ୦.୦୫୭	ଏ୦.୦୩୫	ଘରବାରି-୨	ଅବଦୁଲ କରିମ ଖାଁ, ଅବଦୁଲ ରହିମ ଖାଁ, ପି. ଅବଦୁଲ ସତ୍ତାର ଖାଁ	
୧୩	୫୫୧	୫୫	ଏ୦.୦୩୫	ଏ୦.୦୨୫	ଘରବାରି-୨	ଅବଦୁଲ ହମିଦ ଖାଁ, ପି. ଅବଦୁଲ ଗଫୁର ଖାଁ, ଜା: ମୁସଲମାନ, ବା: ନିବାସୀ	
			ମୋଟ	ଏ୦.୪୮୭			
ସ୍ୱା./- ଭୂଅର୍ଜନ ଅଧିକାରୀ (ସିଭିଲ), ଯାଜପୁର
OIPR-24163/14/0019/2122
36
